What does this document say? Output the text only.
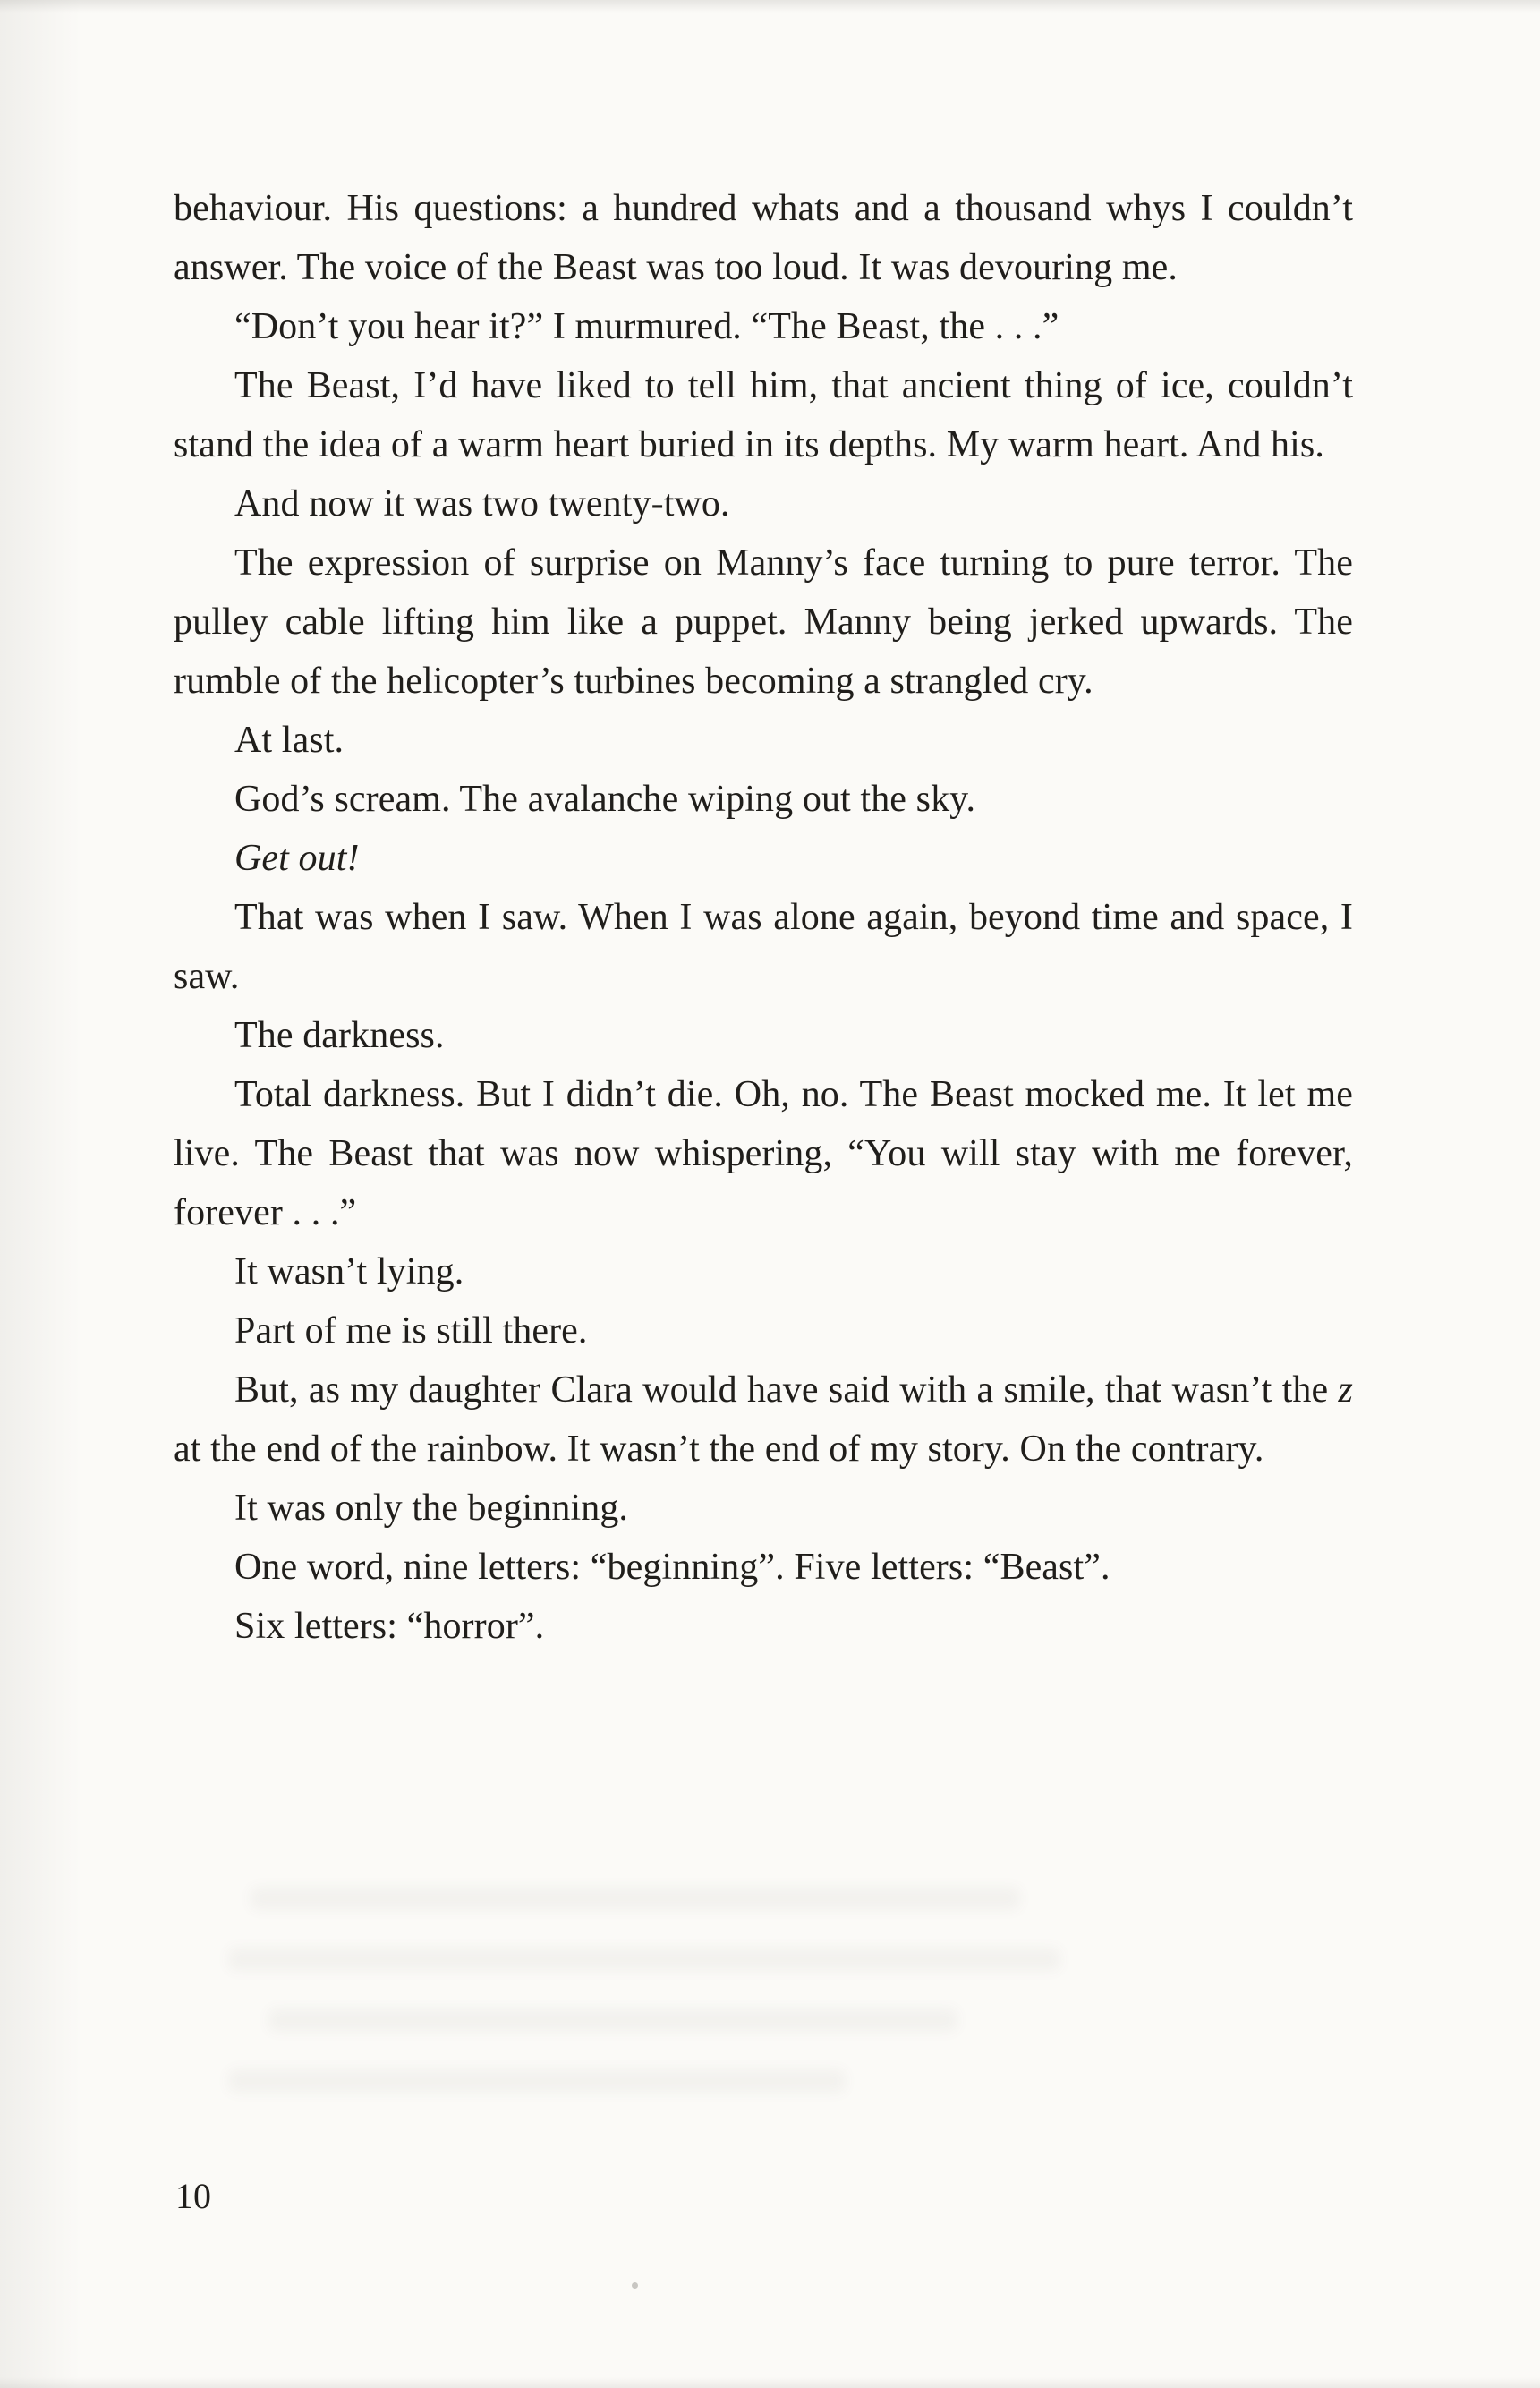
behaviour. His questions: a hundred whats and a thousand whys I couldn’t answer. The voice of the Beast was too loud. It was devouring me.

“Don’t you hear it?” I murmured. “The Beast, the . . .”

The Beast, I’d have liked to tell him, that ancient thing of ice, couldn’t stand the idea of a warm heart buried in its depths. My warm heart. And his.

And now it was two twenty-two.

The expression of surprise on Manny’s face turning to pure terror. The pulley cable lifting him like a puppet. Manny being jerked upwards. The rumble of the helicopter’s turbines becoming a strangled cry.

At last.

God’s scream. The avalanche wiping out the sky.

Get out!

That was when I saw. When I was alone again, beyond time and space, I saw.

The darkness.

Total darkness. But I didn’t die. Oh, no. The Beast mocked me. It let me live. The Beast that was now whispering, “You will stay with me forever, forever . . .”

It wasn’t lying.

Part of me is still there.

But, as my daughter Clara would have said with a smile, that wasn’t the z at the end of the rainbow. It wasn’t the end of my story. On the contrary.

It was only the beginning.

One word, nine letters: “beginning”. Five letters: “Beast”.

Six letters: “horror”.

10
